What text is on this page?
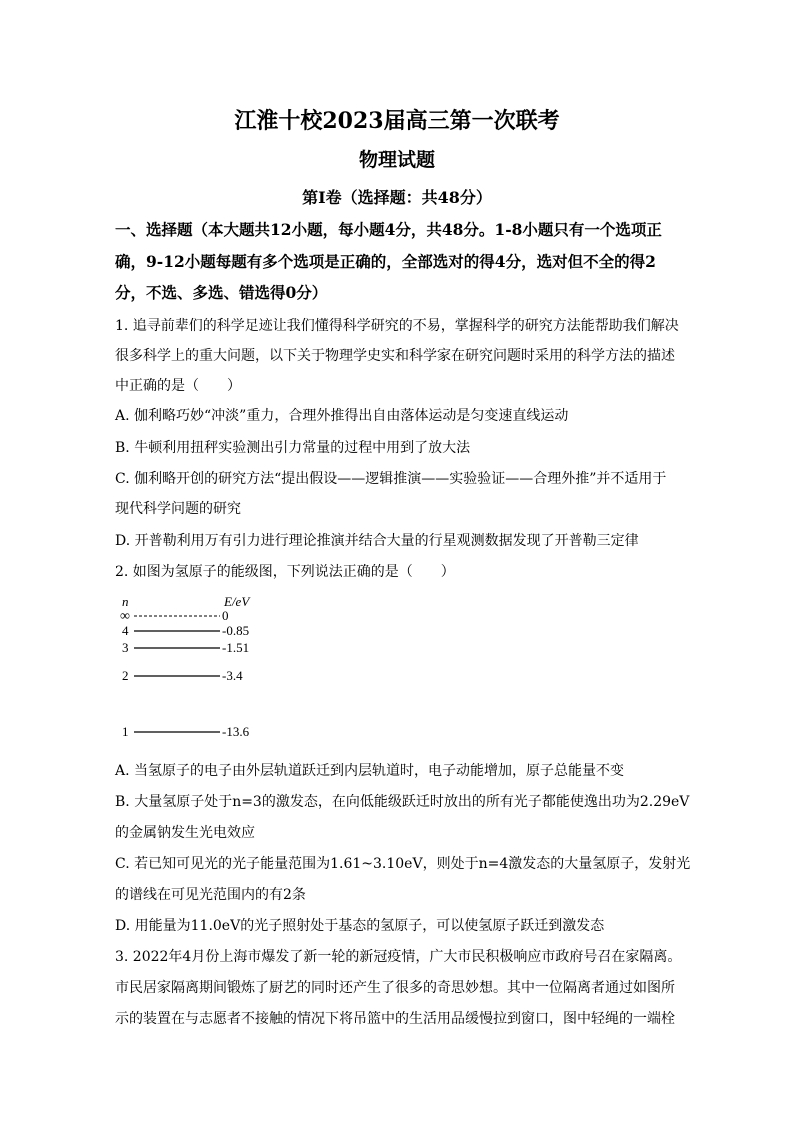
江淮十校2023届高三第一次联考
物理试题
第Ⅰ卷（选择题：共48分）
一、选择题（本大题共12小题，每小题4分，共48分。1-8小题只有一个选项正
确，9-12小题每题有多个选项是正确的，全部选对的得4分，选对但不全的得2
分，不选、多选、错选得0分）
1. 追寻前辈们的科学足迹让我们懂得科学研究的不易，掌握科学的研究方法能帮助我们解决
很多科学上的重大问题，以下关于物理学史实和科学家在研究问题时采用的科学方法的描述
中正确的是（　　）
A. 伽利略巧妙“冲淡”重力，合理外推得出自由落体运动是匀变速直线运动
B. 牛顿利用扭秤实验测出引力常量的过程中用到了放大法
C. 伽利略开创的研究方法“提出假设——逻辑推演——实验验证——合理外推”并不适用于
现代科学问题的研究
D. 开普勒利用万有引力进行理论推演并结合大量的行星观测数据发现了开普勒三定律
2. 如图为氢原子的能级图，下列说法正确的是（　　）
n	E/eV
∞	0
4	-0.85
3	-1.51
2	-3.4
1	-13.6
A. 当氢原子的电子由外层轨道跃迁到内层轨道时，电子动能增加，原子总能量不变
B. 大量氢原子处于n=3的激发态，在向低能级跃迁时放出的所有光子都能使逸出功为2.29eV
的金属钠发生光电效应
C. 若已知可见光的光子能量范围为1.61~3.10eV，则处于n=4激发态的大量氢原子，发射光
的谱线在可见光范围内的有2条
D. 用能量为11.0eV的光子照射处于基态的氢原子，可以使氢原子跃迁到激发态
3. 2022年4月份上海市爆发了新一轮的新冠疫情，广大市民积极响应市政府号召在家隔离。
市民居家隔离期间锻炼了厨艺的同时还产生了很多的奇思妙想。其中一位隔离者通过如图所
示的装置在与志愿者不接触的情况下将吊篮中的生活用品缓慢拉到窗口，图中轻绳的一端栓
